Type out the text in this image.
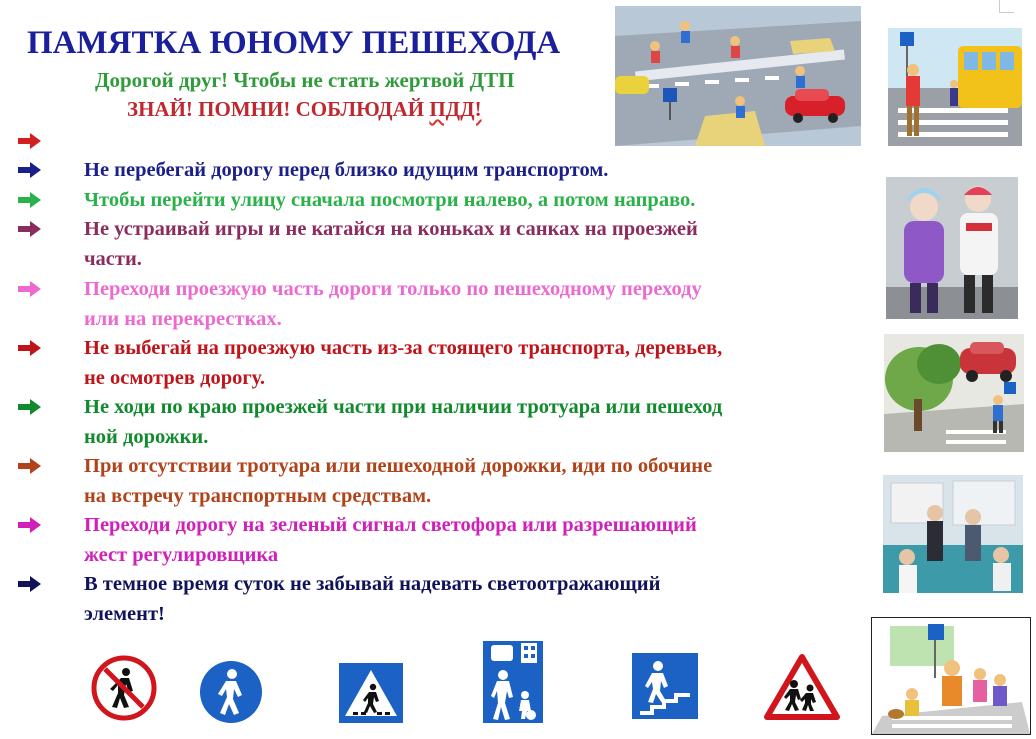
ПАМЯТКА ЮНОМУ ПЕШЕХОДА
Дорогой друг! Чтобы не стать жертвой ДТП
ЗНАЙ! ПОМНИ! СОБЛЮДАЙ ПДД!
Не перебегай дорогу перед близко идущим транспортом.
Чтобы перейти улицу сначала посмотри налево, а потом направо.
Не устраивай игры и не катайся на коньках и санках на проезжей
части.
Переходи проезжую часть дороги только по пешеходному переходу
или на перекрестках.
Не выбегай на проезжую часть из-за стоящего транспорта, деревьев,
не осмотрев дорогу.
Не ходи по краю проезжей части при наличии тротуара или пешеход
ной дорожки.
При отсутствии тротуара или пешеходной дорожки, иди по обочине
на встречу транспортным средствам.
Переходи дорогу на зеленый сигнал светофора или разрешающий
жест регулировщика
В темное время суток не забывай надевать светоотражающий
элемент!
